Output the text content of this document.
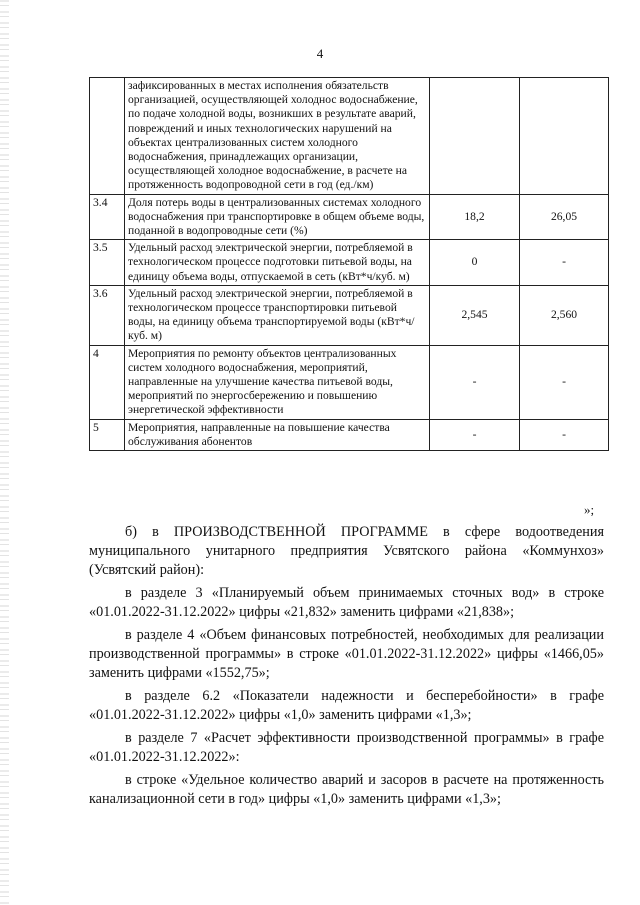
4
	зафиксированных в местах исполнения обязательств организацией, осуществляющей холоднос водоснабжение, по подаче холодной воды, возникших в результате аварий, повреждений и иных технологических нарушений на объектах централизованных систем холодного водоснабжения, принадлежащих организации, осуществляющей холодное водоснабжение, в расчете на протяженность водопроводной сети в год (ед./км)		
3.4	Доля потерь воды в централизованных системах холодного водоснабжения при транспортировке в общем объеме воды, поданной в водопроводные сети (%)	18,2	26,05
3.5	Удельный расход электрической энергии, потребляемой в технологическом процессе подготовки питьевой воды, на единицу объема воды, отпускаемой в сеть (кВт*ч/куб. м)	0	-
3.6	Удельный расход электрической энергии, потребляемой в технологическом процессе транспортировки питьевой воды, на единицу объема транспортируемой воды (кВт*ч/куб. м)	2,545	2,560
4	Мероприятия по ремонту объектов централизованных систем холодного водоснабжения, мероприятий, направленные на улучшение качества питьевой воды, мероприятий по энергосбережению и повышению энергетической эффективности	-	-
5	Мероприятия, направленные на повышение качества обслуживания абонентов	-	-
»;

б) в ПРОИЗВОДСТВЕННОЙ ПРОГРАММЕ в сфере водоотведения муниципального унитарного предприятия Усвятского района «Коммунхоз» (Усвятский район):

в разделе 3 «Планируемый объем принимаемых сточных вод» в строке «01.01.2022-31.12.2022» цифры «21,832» заменить цифрами «21,838»;

в разделе 4 «Объем финансовых потребностей, необходимых для реализации производственной программы» в строке «01.01.2022-31.12.2022» цифры «1466,05» заменить цифрами «1552,75»;

в разделе 6.2 «Показатели надежности и бесперебойности» в графе «01.01.2022-31.12.2022» цифры «1,0» заменить цифрами «1,3»;

в разделе 7 «Расчет эффективности производственной программы» в графе «01.01.2022-31.12.2022»:

в строке «Удельное количество аварий и засоров в расчете на протяженность канализационной сети в год» цифры «1,0» заменить цифрами «1,3»;
